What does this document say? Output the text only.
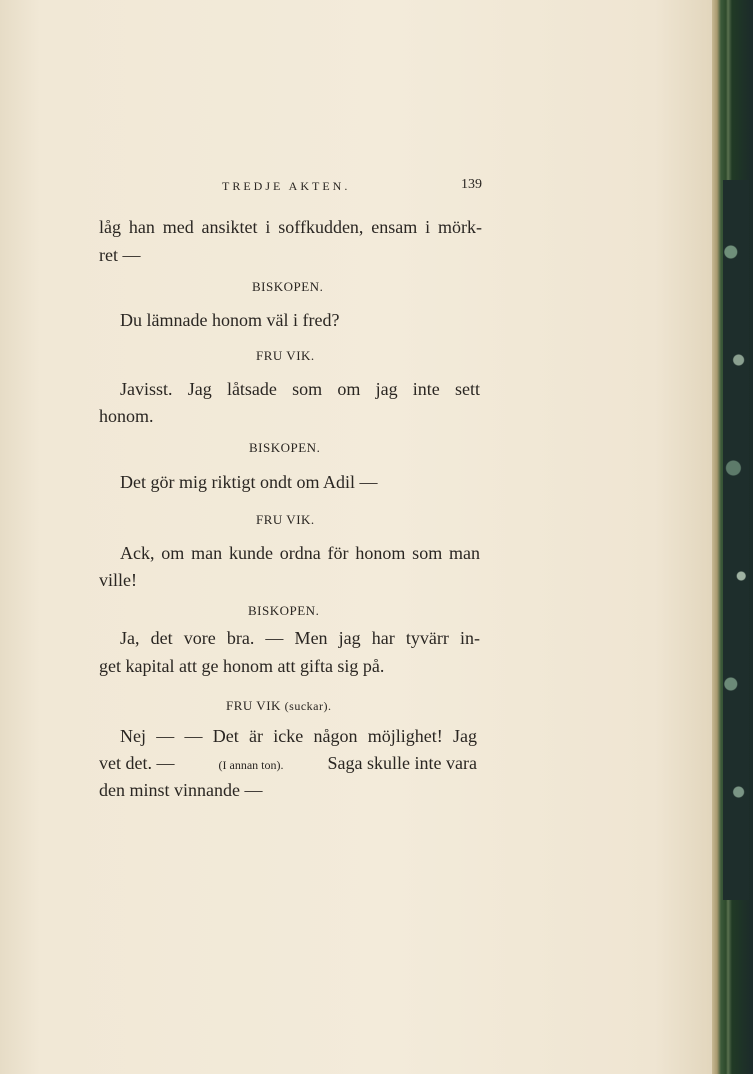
TREDJE AKTEN.	139
låg han med ansiktet i soffkudden, ensam i mörk-
ret —
BISKOPEN.
Du lämnade honom väl i fred?
FRU VIK.
Javisst. Jag låtsade som om jag inte sett
honom.
BISKOPEN.
Det gör mig riktigt ondt om Adil —
FRU VIK.
Ack, om man kunde ordna för honom som man
ville!
BISKOPEN.
Ja, det vore bra. — Men jag har tyvärr in-
get kapital att ge honom att gifta sig på.
FRU VIK (suckar).
Nej — — Det är icke någon möjlighet! Jag
vet det. —	(I annan ton). Saga skulle inte vara
den minst vinnande —
